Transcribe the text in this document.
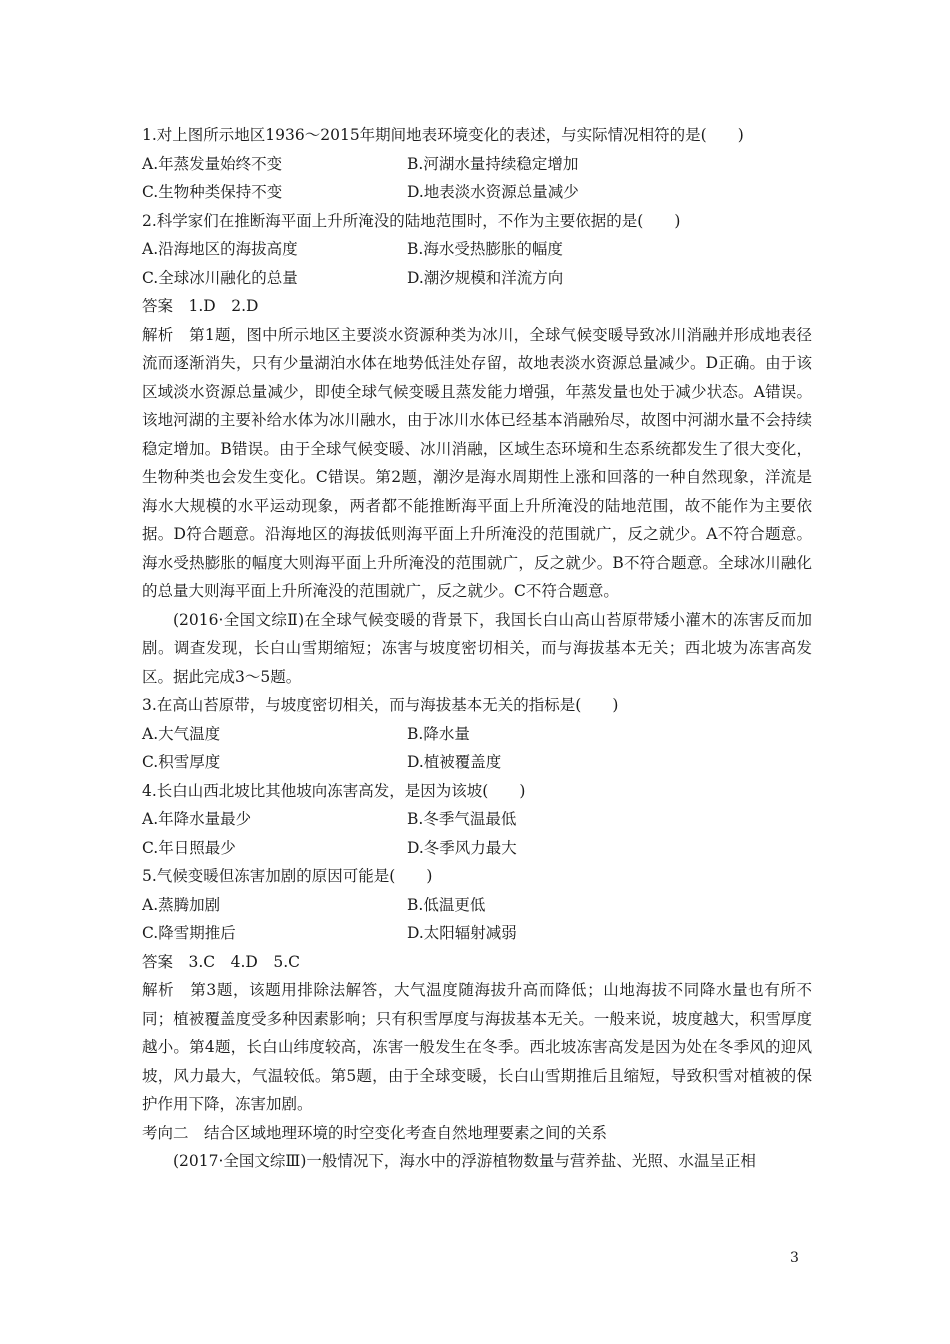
1.对上图所示地区1936～2015年期间地表环境变化的表述，与实际情况相符的是(　　)
A.年蒸发量始终不变	B.河湖水量持续稳定增加
C.生物种类保持不变	D.地表淡水资源总量减少
2.科学家们在推断海平面上升所淹没的陆地范围时，不作为主要依据的是(　　)
A.沿海地区的海拔高度	B.海水受热膨胀的幅度
C.全球冰川融化的总量	D.潮汐规模和洋流方向
答案　1.D　2.D
解析　第1题，图中所示地区主要淡水资源种类为冰川，全球气候变暖导致冰川消融并形成地表径流而逐渐消失，只有少量湖泊水体在地势低洼处存留，故地表淡水资源总量减少。D正确。由于该区域淡水资源总量减少，即使全球气候变暖且蒸发能力增强，年蒸发量也处于减少状态。A错误。该地河湖的主要补给水体为冰川融水，由于冰川水体已经基本消融殆尽，故图中河湖水量不会持续稳定增加。B错误。由于全球气候变暖、冰川消融，区域生态环境和生态系统都发生了很大变化，生物种类也会发生变化。C错误。第2题，潮汐是海水周期性上涨和回落的一种自然现象，洋流是海水大规模的水平运动现象，两者都不能推断海平面上升所淹没的陆地范围，故不能作为主要依据。D符合题意。沿海地区的海拔低则海平面上升所淹没的范围就广，反之就少。A不符合题意。海水受热膨胀的幅度大则海平面上升所淹没的范围就广，反之就少。B不符合题意。全球冰川融化的总量大则海平面上升所淹没的范围就广，反之就少。C不符合题意。
(2016·全国文综Ⅱ)在全球气候变暖的背景下，我国长白山高山苔原带矮小灌木的冻害反而加剧。调查发现，长白山雪期缩短；冻害与坡度密切相关，而与海拔基本无关；西北坡为冻害高发区。据此完成3～5题。
3.在高山苔原带，与坡度密切相关，而与海拔基本无关的指标是(　　)
A.大气温度	B.降水量
C.积雪厚度	D.植被覆盖度
4.长白山西北坡比其他坡向冻害高发，是因为该坡(　　)
A.年降水量最少	B.冬季气温最低
C.年日照最少	D.冬季风力最大
5.气候变暖但冻害加剧的原因可能是(　　)
A.蒸腾加剧	B.低温更低
C.降雪期推后	D.太阳辐射减弱
答案　3.C　4.D　5.C
解析　第3题，该题用排除法解答，大气温度随海拔升高而降低；山地海拔不同降水量也有所不同；植被覆盖度受多种因素影响；只有积雪厚度与海拔基本无关。一般来说，坡度越大，积雪厚度越小。第4题，长白山纬度较高，冻害一般发生在冬季。西北坡冻害高发是因为处在冬季风的迎风坡，风力最大，气温较低。第5题，由于全球变暖，长白山雪期推后且缩短，导致积雪对植被的保护作用下降，冻害加剧。
考向二　结合区域地理环境的时空变化考查自然地理要素之间的关系
(2017·全国文综Ⅲ)一般情况下，海水中的浮游植物数量与营养盐、光照、水温呈正相
3
